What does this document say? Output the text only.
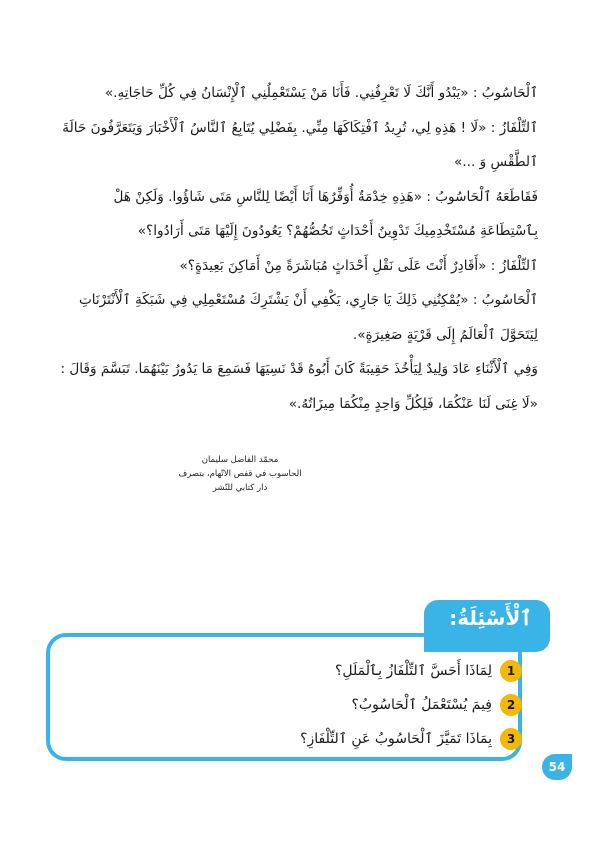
ٱلْحَاسُوبُ : «يَبْدُو أَنَّكَ لَا تَعْرِفُنِي. فَأَنَا مَنْ يَسْتَعْمِلُنِي ٱلْإِنْسَانُ فِي كُلِّ حَاجَاتِهِ.»

ٱلتِّلْفَازُ : «لَا ! هَذِهِ لِي، تُرِيدُ ٱفْتِكَاكَهَا مِنِّي. بِفَضْلِي يُتَابِعُ ٱلنَّاسُ ٱلْأَخْبَارَ وَيَتَعَرَّفُونَ حَالَةَ ٱلطَّقْسِ وَ ...»

فَقَاطَعَهُ ٱلْحَاسُوبُ : «هَذِهِ خِدْمَةٌ أُوَفِّرُهَا أَنَا أَيْضًا لِلنَّاسِ مَتَى شَاؤُوا. وَلَكِنْ هَلْ بِٱسْتِطَاعَةِ مُسْتَخْدِمِيكَ تَدْوِينُ أَحْدَاثٍ تَخُصُّهُمْ؟ يَعُودُونَ إِلَيْهَا مَتَى أَرَادُوا؟»

ٱلتِّلْفَازُ : «أَقَادِرٌ أَنْتَ عَلَى نَقْلِ أَحْدَاثٍ مُبَاشَرَةً مِنْ أَمَاكِنَ بَعِيدَةٍ؟»

ٱلْحَاسُوبُ : «يُمْكِنُنِي ذَلِكَ يَا جَارِي، يَكْفِي أَنْ يَشْتَرِكَ مُسْتَعْمِلِي فِي شَبَكَةِ ٱلْأَنْتَرْنَاتِ لِيَتَحَوَّلَ ٱلْعَالَمُ إِلَى قَرْيَةٍ صَغِيرَةٍ».

وَفِي ٱلْأَثْنَاءِ عَادَ وَلِيدٌ لِيَأْخُذَ حَقِيبَةً كَانَ أَبُوهُ قَدْ نَسِيَهَا فَسَمِعَ مَا يَدُورُ بَيْنَهُمَا. تَبَسَّمَ وَقَالَ : «لَا غِنَى لَنَا عَنْكُمَا، فَلِكُلِّ وَاحِدٍ مِنْكُمَا مِيزَاتُهُ.»

محمّد الفاضل سليمان
الحاسوب في قفص الاتّهام، بتصرف
دار كتابي للنّشر
ٱلْأَسْئِلَةُ:
1
لِمَاذَا أَحَسَّ ٱلتِّلْفَازُ بِٱلْمَلَلِ؟
2
فِيمَ يُسْتَعْمَلُ ٱلْحَاسُوبُ؟
3
بِمَاذَا تَمَيَّزَ ٱلْحَاسُوبُ عَنِ ٱلتِّلْفَازِ؟
54
